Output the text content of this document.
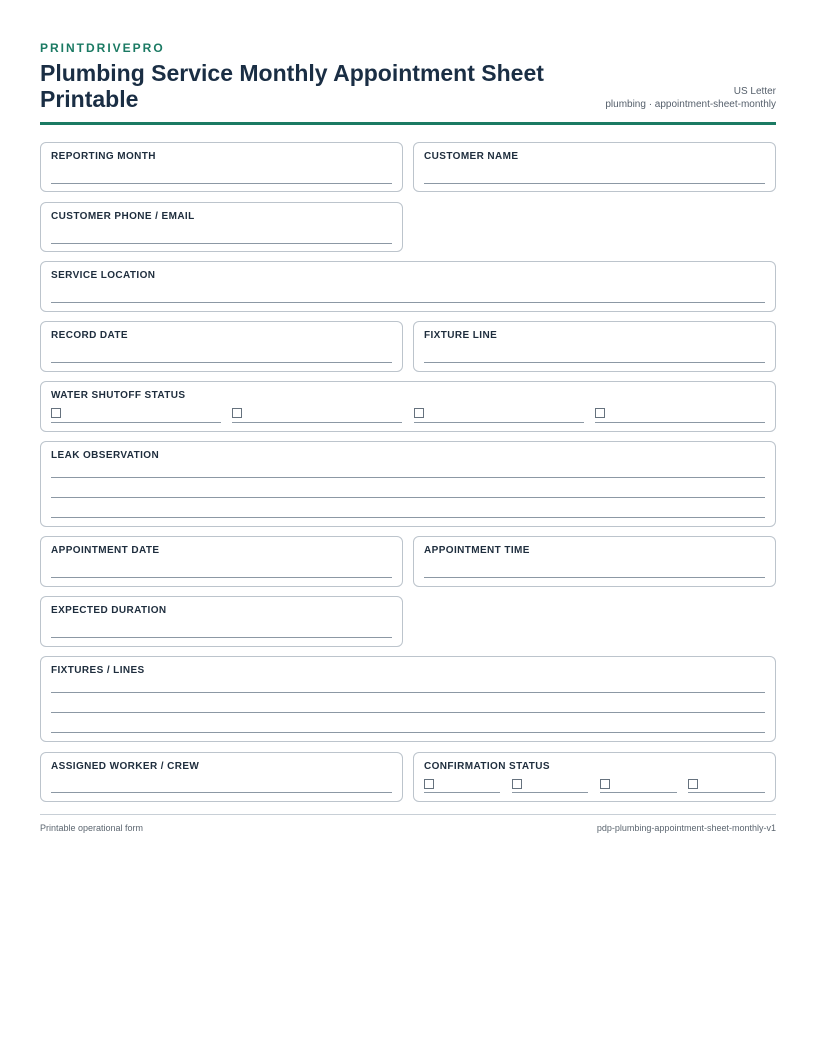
PRINTDRIVEPRO
Plumbing Service Monthly Appointment Sheet Printable	US Letter
plumbing · appointment-sheet-monthly
REPORTING MONTH	CUSTOMER NAME
CUSTOMER PHONE / EMAIL
SERVICE LOCATION
RECORD DATE	FIXTURE LINE
WATER SHUTOFF STATUS
LEAK OBSERVATION
APPOINTMENT DATE	APPOINTMENT TIME
EXPECTED DURATION
FIXTURES / LINES
ASSIGNED WORKER / CREW	CONFIRMATION STATUS
Printable operational form	pdp-plumbing-appointment-sheet-monthly-v1
